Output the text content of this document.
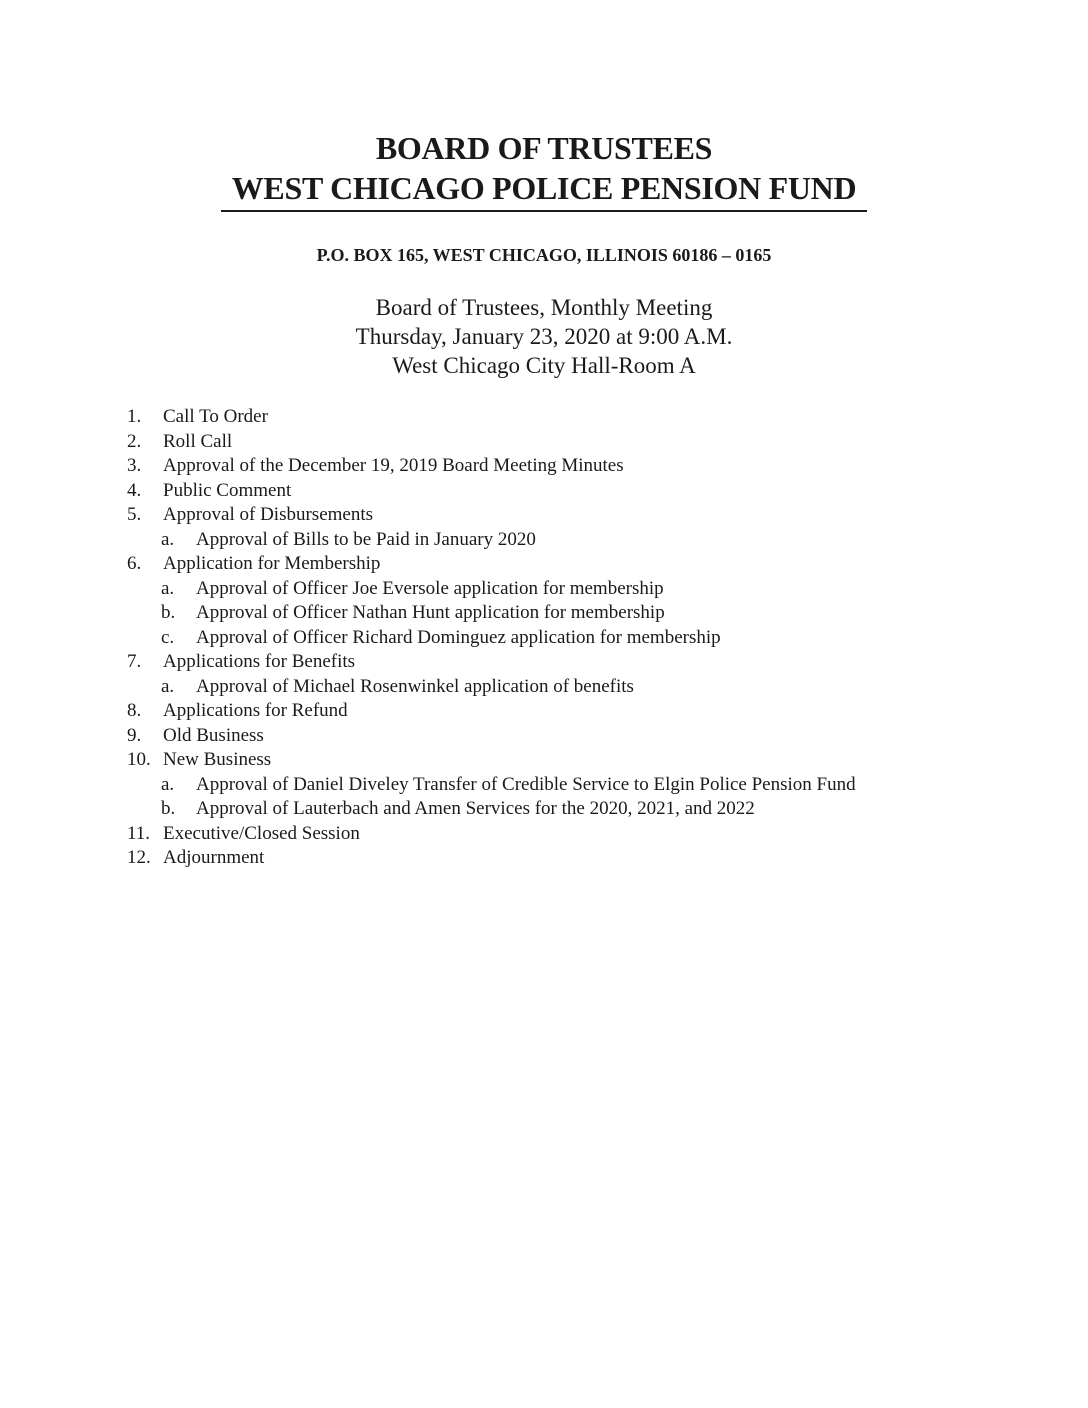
BOARD OF TRUSTEES
WEST CHICAGO POLICE PENSION FUND
P.O. BOX 165, WEST CHICAGO, ILLINOIS 60186 – 0165
Board of Trustees, Monthly Meeting
Thursday, January 23, 2020 at 9:00 A.M.
West Chicago City Hall-Room A
1. Call To Order
2. Roll Call
3. Approval of the December 19, 2019 Board Meeting Minutes
4. Public Comment
5. Approval of Disbursements
a. Approval of Bills to be Paid in January 2020
6. Application for Membership
a. Approval of Officer Joe Eversole application for membership
b. Approval of Officer Nathan Hunt application for membership
c. Approval of Officer Richard Dominguez application for membership
7. Applications for Benefits
a. Approval of Michael Rosenwinkel application of benefits
8. Applications for Refund
9. Old Business
10. New Business
a. Approval of Daniel Diveley Transfer of Credible Service to Elgin Police Pension Fund
b. Approval of Lauterbach and Amen Services for the 2020, 2021, and 2022
11. Executive/Closed Session
12. Adjournment
